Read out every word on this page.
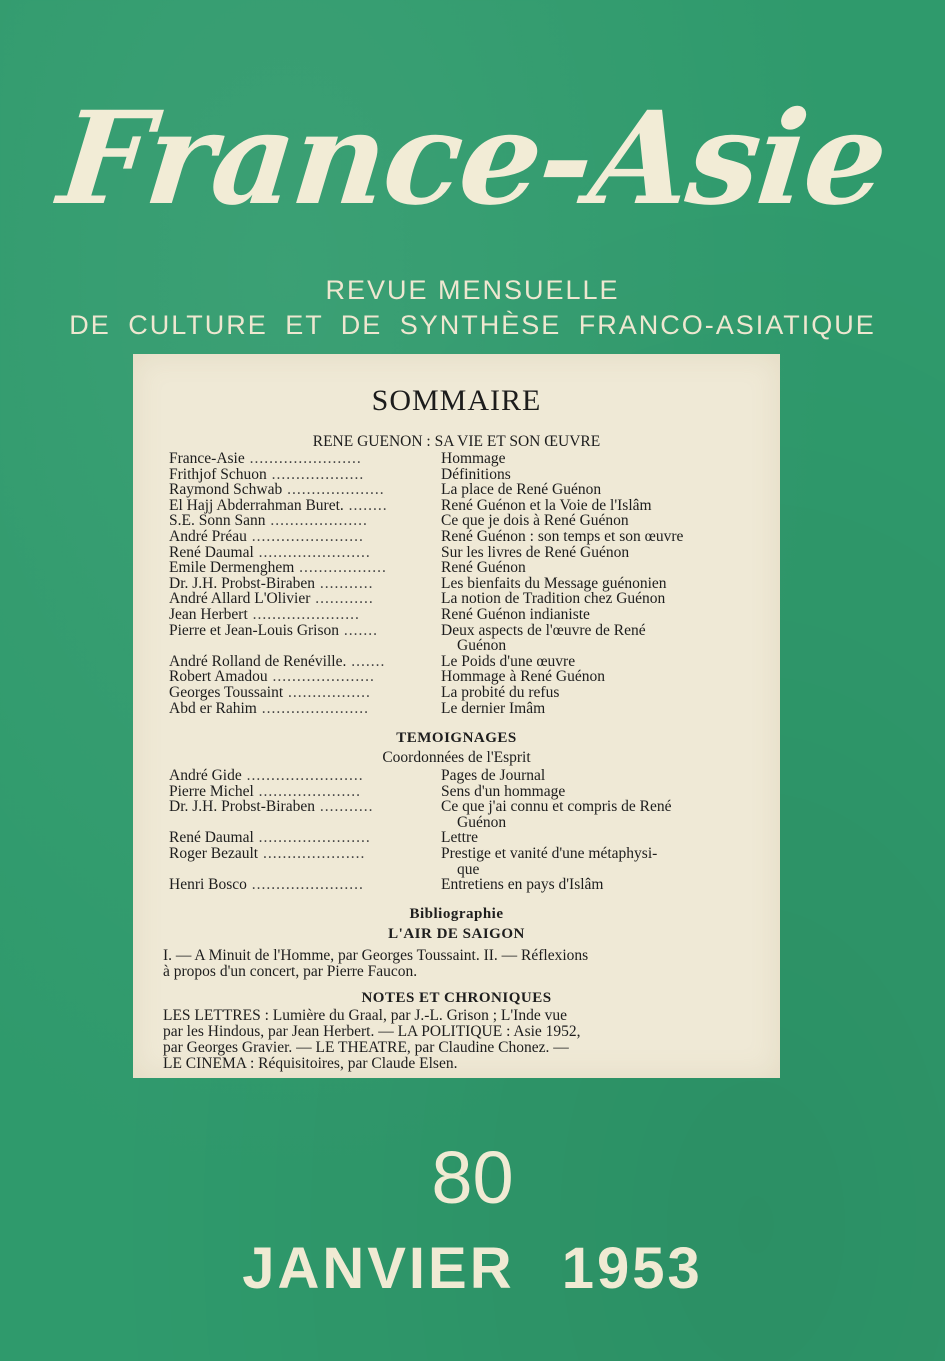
France-Asie
REVUE MENSUELLE
DE CULTURE ET DE SYNTHÈSE FRANCO-ASIATIQUE
SOMMAIRE
RENE GUENON : SA VIE ET SON ŒUVRE
France-Asie .......................	Hommage
Frithjof Schuon ...................	Définitions
Raymond Schwab ....................	La place de René Guénon
El Hajj Abderrahman Buret. ........	René Guénon et la Voie de l'Islâm
S.E. Sonn Sann ....................	Ce que je dois à René Guénon
André Préau .......................	René Guénon : son temps et son œuvre
René Daumal .......................	Sur les livres de René Guénon
Emile Dermenghem ..................	René Guénon
Dr. J.H. Probst-Biraben ...........	Les bienfaits du Message guénonien
André Allard L'Olivier ............	La notion de Tradition chez Guénon
Jean Herbert ......................	René Guénon indianiste
Pierre et Jean-Louis Grison .......	Deux aspects de l'œuvre de René
Guénon
André Rolland de Renéville. .......	Le Poids d'une œuvre
Robert Amadou .....................	Hommage à René Guénon
Georges Toussaint .................	La probité du refus
Abd er Rahim ......................	Le dernier Imâm
TEMOIGNAGES
Coordonnées de l'Esprit
André Gide ........................	Pages de Journal
Pierre Michel .....................	Sens d'un hommage
Dr. J.H. Probst-Biraben ...........	Ce que j'ai connu et compris de René
Guénon
René Daumal .......................	Lettre
Roger Bezault .....................	Prestige et vanité d'une métaphysi-
que
Henri Bosco .......................	Entretiens en pays d'Islâm
Bibliographie
L'AIR DE SAIGON
I. — A Minuit de l'Homme, par Georges Toussaint. II. — Réflexions
à propos d'un concert, par Pierre Faucon.
NOTES ET CHRONIQUES
LES LETTRES : Lumière du Graal, par J.-L. Grison ; L'Inde vue
par les Hindous, par Jean Herbert. — LA POLITIQUE : Asie 1952,
par Georges Gravier. — LE THEATRE, par Claudine Chonez. —
LE CINEMA : Réquisitoires, par Claude Elsen.
80
JANVIER 1953
